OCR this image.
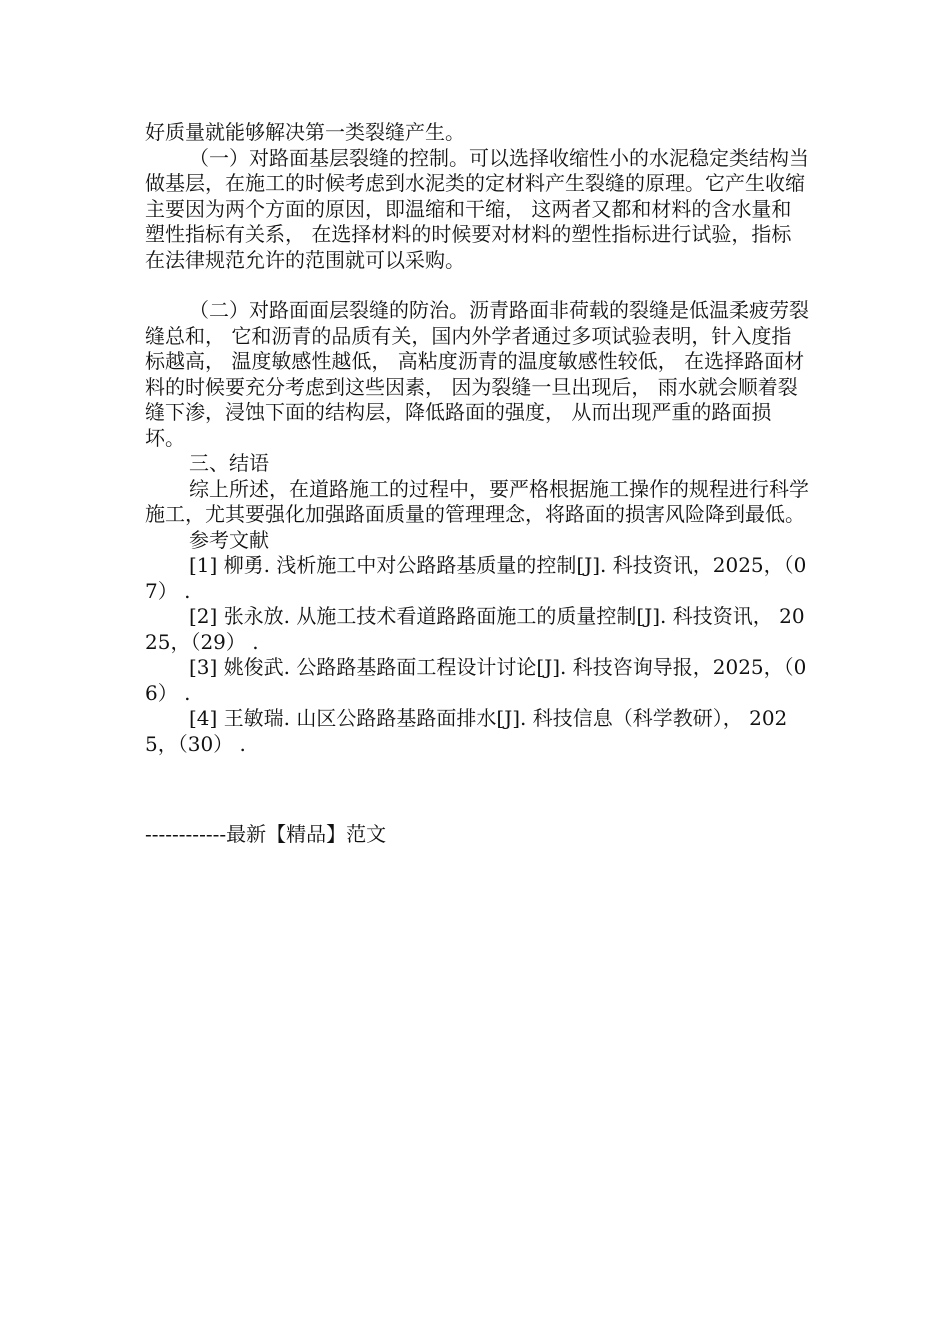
好质量就能够解决第一类裂缝产生。

（一）对路面基层裂缝的控制。可以选择收缩性小的水泥稳定类结构当做基层，在施工的时候考虑到水泥类的定材料产生裂缝的原理。它产生收缩主要因为两个方面的原因，即温缩和干缩， 这两者又都和材料的含水量和塑性指标有关系， 在选择材料的时候要对材料的塑性指标进行试验，指标在法律规范允许的范围就可以采购。

（二）对路面面层裂缝的防治。沥青路面非荷载的裂缝是低温柔疲劳裂缝总和， 它和沥青的品质有关，国内外学者通过多项试验表明，针入度指标越高， 温度敏感性越低， 高粘度沥青的温度敏感性较低， 在选择路面材料的时候要充分考虑到这些因素， 因为裂缝一旦出现后， 雨水就会顺着裂缝下渗，浸蚀下面的结构层，降低路面的强度， 从而出现严重的路面损坏。

三、结语

综上所述，在道路施工的过程中，要严格根据施工操作的规程进行科学施工，尤其要强化加强路面质量的管理理念，将路面的损害风险降到最低。

参考文献

[1] 柳勇. 浅析施工中对公路路基质量的控制[J]. 科技资讯，2025，（07） .

[2] 张永放. 从施工技术看道路路面施工的质量控制[J]. 科技资讯， 2025，（29） .

[3] 姚俊武. 公路路基路面工程设计讨论[J]. 科技咨询导报，2025，（06） .

[4] 王敏瑞. 山区公路路基路面排水[J]. 科技信息（科学教研）， 2025，（30） .

------------最新【精品】范文
